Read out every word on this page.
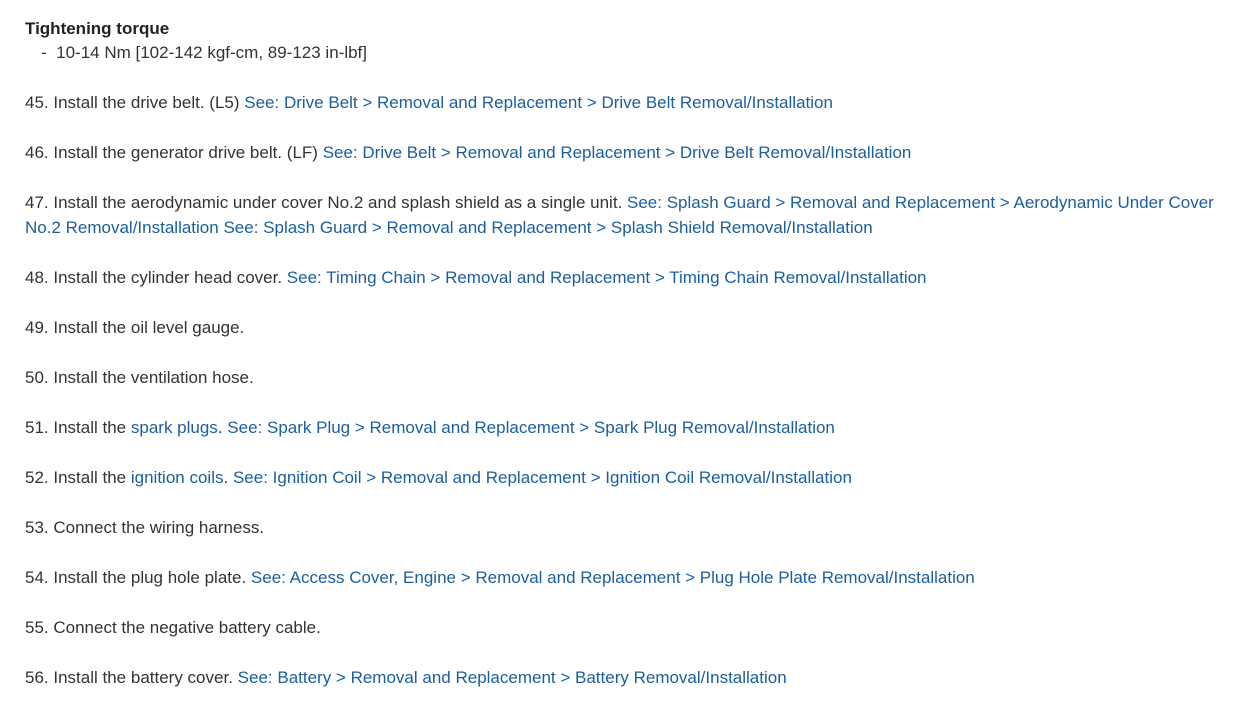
Tightening torque

- 10-14 Nm [102-142 kgf-cm, 89-123 in-lbf]

45. Install the drive belt. (L5) See: Drive Belt > Removal and Replacement > Drive Belt Removal/Installation

46. Install the generator drive belt. (LF) See: Drive Belt > Removal and Replacement > Drive Belt Removal/Installation

47. Install the aerodynamic under cover No.2 and splash shield as a single unit. See: Splash Guard > Removal and Replacement > Aerodynamic Under Cover No.2 Removal/Installation See: Splash Guard > Removal and Replacement > Splash Shield Removal/Installation

48. Install the cylinder head cover. See: Timing Chain > Removal and Replacement > Timing Chain Removal/Installation

49. Install the oil level gauge.

50. Install the ventilation hose.

51. Install the spark plugs. See: Spark Plug > Removal and Replacement > Spark Plug Removal/Installation

52. Install the ignition coils. See: Ignition Coil > Removal and Replacement > Ignition Coil Removal/Installation

53. Connect the wiring harness.

54. Install the plug hole plate. See: Access Cover, Engine > Removal and Replacement > Plug Hole Plate Removal/Installation

55. Connect the negative battery cable.

56. Install the battery cover. See: Battery > Removal and Replacement > Battery Removal/Installation
